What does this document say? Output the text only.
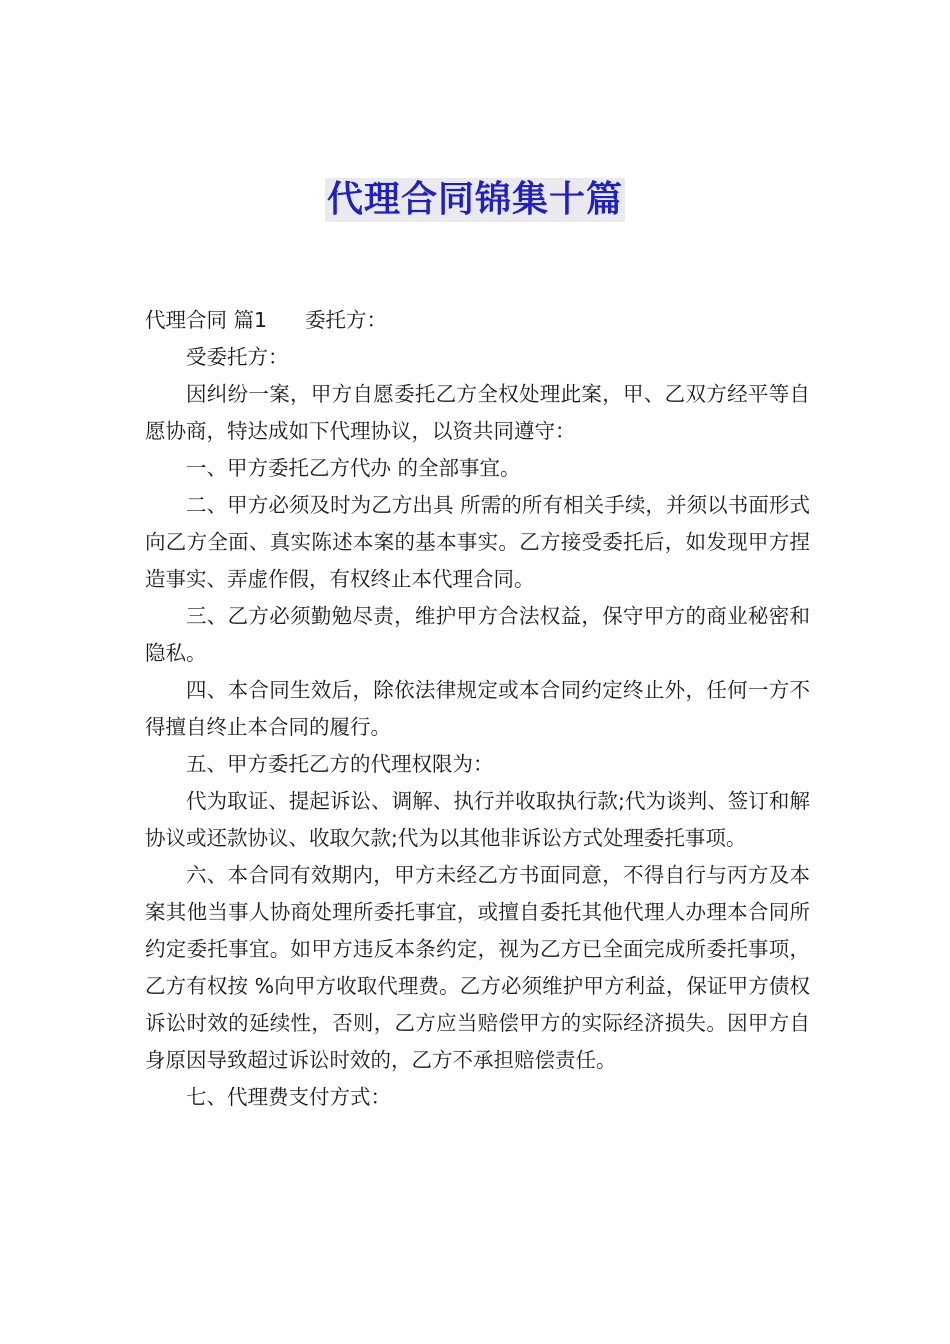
代理合同锦集十篇

代理合同 篇1 委托方：

受委托方：

因纠纷一案，甲方自愿委托乙方全权处理此案，甲、乙双方经平等自愿协商，特达成如下代理协议，以资共同遵守：

一、甲方委托乙方代办 的全部事宜。

二、甲方必须及时为乙方出具 所需的所有相关手续，并须以书面形式向乙方全面、真实陈述本案的基本事实。乙方接受委托后，如发现甲方捏造事实、弄虚作假，有权终止本代理合同。

三、乙方必须勤勉尽责，维护甲方合法权益，保守甲方的商业秘密和隐私。

四、本合同生效后，除依法律规定或本合同约定终止外，任何一方不得擅自终止本合同的履行。

五、甲方委托乙方的代理权限为：

代为取证、提起诉讼、调解、执行并收取执行款;代为谈判、签订和解协议或还款协议、收取欠款;代为以其他非诉讼方式处理委托事项。

六、本合同有效期内，甲方未经乙方书面同意，不得自行与丙方及本案其他当事人协商处理所委托事宜，或擅自委托其他代理人办理本合同所约定委托事宜。如甲方违反本条约定，视为乙方已全面完成所委托事项，乙方有权按 %向甲方收取代理费。乙方必须维护甲方利益，保证甲方债权诉讼时效的延续性，否则，乙方应当赔偿甲方的实际经济损失。因甲方自身原因导致超过诉讼时效的，乙方不承担赔偿责任。

七、代理费支付方式：
